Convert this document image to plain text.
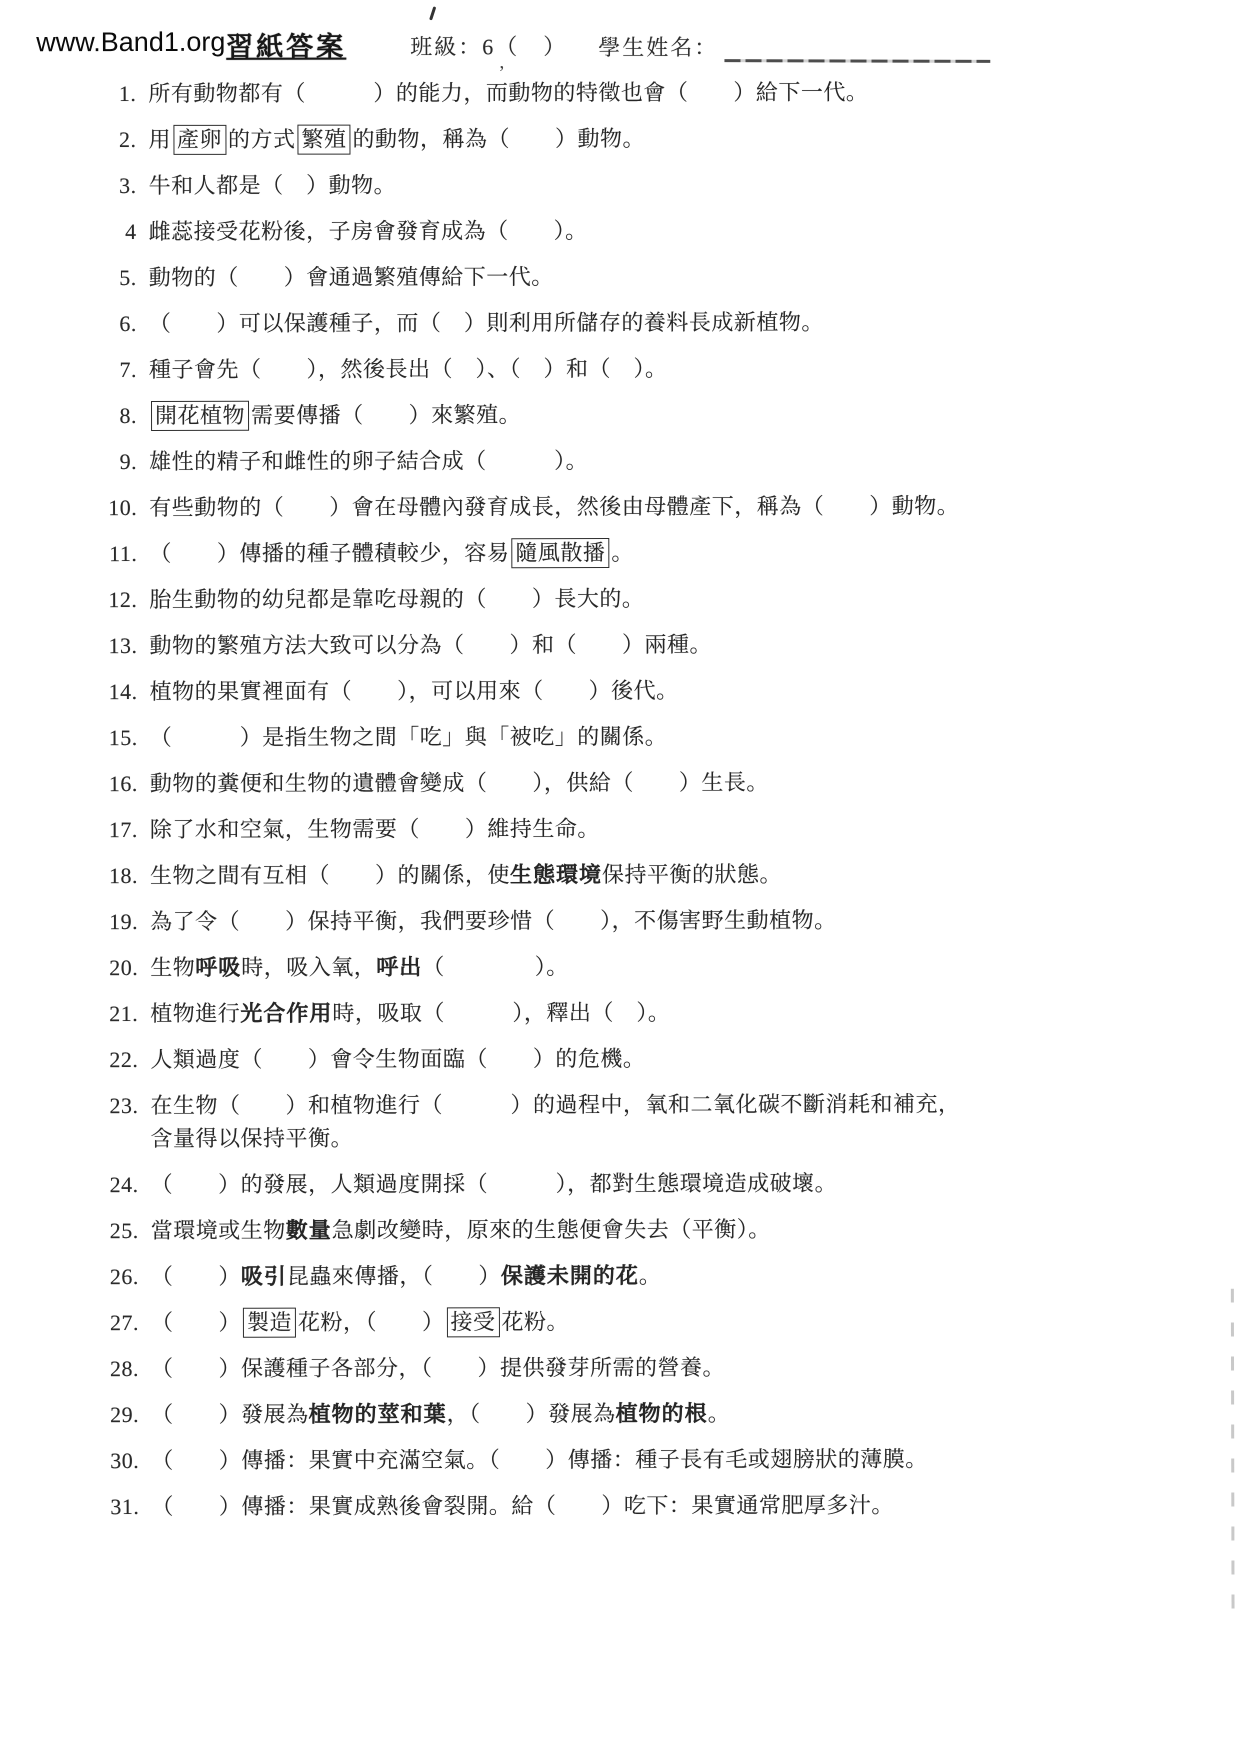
www.Band1.org 習紙答案	班級：6（　） 學生姓名：
’
1. 所有動物都有（　　　）的能力，而動物的特徵也會（　　）給下一代。
2. 用 產卵 的方式 繁殖 的動物，稱為（　　）動物。
3. 牛和人都是（　）動物。
4 雌蕊接受花粉後，子房會發育成為（　　）。
5. 動物的（　　）會通過繁殖傳給下一代。
6. （　　）可以保護種子，而（　）則利用所儲存的養料長成新植物。
7. 種子會先（　　），然後長出（　）、（　）和（　）。
8. 開花植物 需要傳播（　　）來繁殖。
9. 雄性的精子和雌性的卵子結合成（　　　）。
10. 有些動物的（　　）會在母體內發育成長，然後由母體產下，稱為（　　）動物。
11. （　　）傳播的種子體積較少，容易 隨風散播 。
12. 胎生動物的幼兒都是靠吃母親的（　　）長大的。
13. 動物的繁殖方法大致可以分為（　　）和（　　）兩種。
14. 植物的果實裡面有（　　），可以用來（　　）後代。
15. （　　　）是指生物之間「吃」與「被吃」的關係。
16. 動物的糞便和生物的遺體會變成（　　），供給（　　）生長。
17. 除了水和空氣，生物需要（　　）維持生命。
18. 生物之間有互相（　　）的關係，使生態環境保持平衡的狀態。
19. 為了令（　　）保持平衡，我們要珍惜（　　），不傷害野生動植物。
20. 生物呼吸時，吸入氧，呼出（　　　　）。
21. 植物進行光合作用時，吸取（　　　），釋出（　）。
22. 人類過度（　　）會令生物面臨（　　）的危機。
23. 在生物（　　）和植物進行（　　　）的過程中，氧和二氧化碳不斷消耗和補充，
含量得以保持平衡。
24. （　　）的發展，人類過度開採（　　　），都對生態環境造成破壞。
25. 當環境或生物數量急劇改變時，原來的生態便會失去（平衡）。
26. （　　）吸引昆蟲來傳播，（　　）保護未開的花。
27. （　　） 製造 花粉，（　　） 接受 花粉。
28. （　　）保護種子各部分，（　　）提供發芽所需的營養。
29. （　　）發展為植物的莖和葉，（　　）發展為植物的根。
30. （　　）傳播：果實中充滿空氣。（　　）傳播：種子長有毛或翅膀狀的薄膜。
31. （　　）傳播：果實成熟後會裂開。給（　　）吃下：果實通常肥厚多汁。
